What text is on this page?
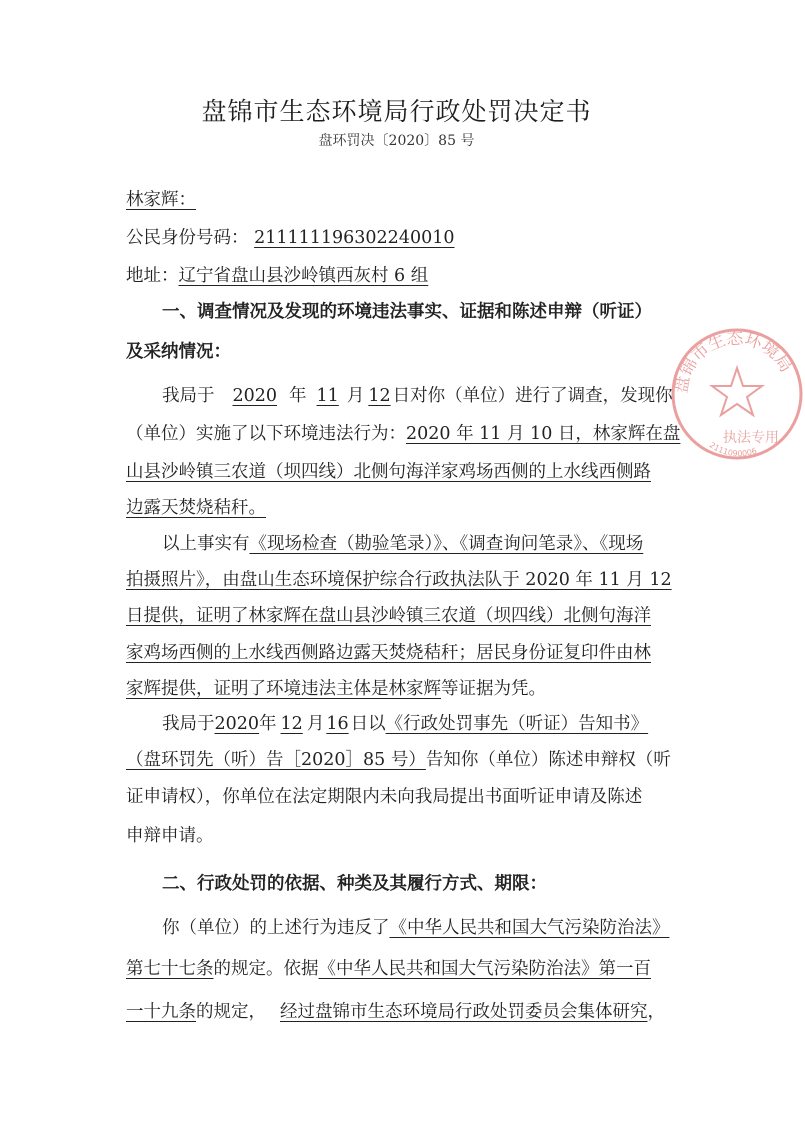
盘锦市生态环境局行政处罚决定书
盘环罚决〔2020〕85 号
林家辉：
公民身份号码： 211111196302240010
地址：辽宁省盘山县沙岭镇西灰村 6 组
一、调查情况及发现的环境违法事实、证据和陈述申辩（听证）
及采纳情况：
我局于 2020 年 11 月 12 日对你（单位）进行了调查，发现你
（单位）实施了以下环境违法行为：2020 年 11 月 10 日，林家辉在盘
山县沙岭镇三农道（坝四线）北侧句海洋家鸡场西侧的上水线西侧路
边露天焚烧秸秆。
以上事实有《现场检查（勘验笔录）》、《调查询问笔录》、《现场
拍摄照片》，由盘山生态环境保护综合行政执法队于 2020 年 11 月 12
日提供，证明了林家辉在盘山县沙岭镇三农道（坝四线）北侧句海洋
家鸡场西侧的上水线西侧路边露天焚烧秸秆；居民身份证复印件由林
家辉提供，证明了环境违法主体是林家辉等证据为凭。
我局于2020年 12 月 16 日以《行政处罚事先（听证）告知书》
（盘环罚先（听）告［2020］85 号）告知你（单位）陈述申辩权（听
证申请权），你单位在法定期限内未向我局提出书面听证申请及陈述
申辩申请。
二、行政处罚的依据、种类及其履行方式、期限：
你（单位）的上述行为违反了《中华人民共和国大气污染防治法》
第七十七条的规定。依据《中华人民共和国大气污染防治法》第一百
一十九条的规定， 经过盘锦市生态环境局行政处罚委员会集体研究，
盘锦市生态环境局
执法专用
2111090006
